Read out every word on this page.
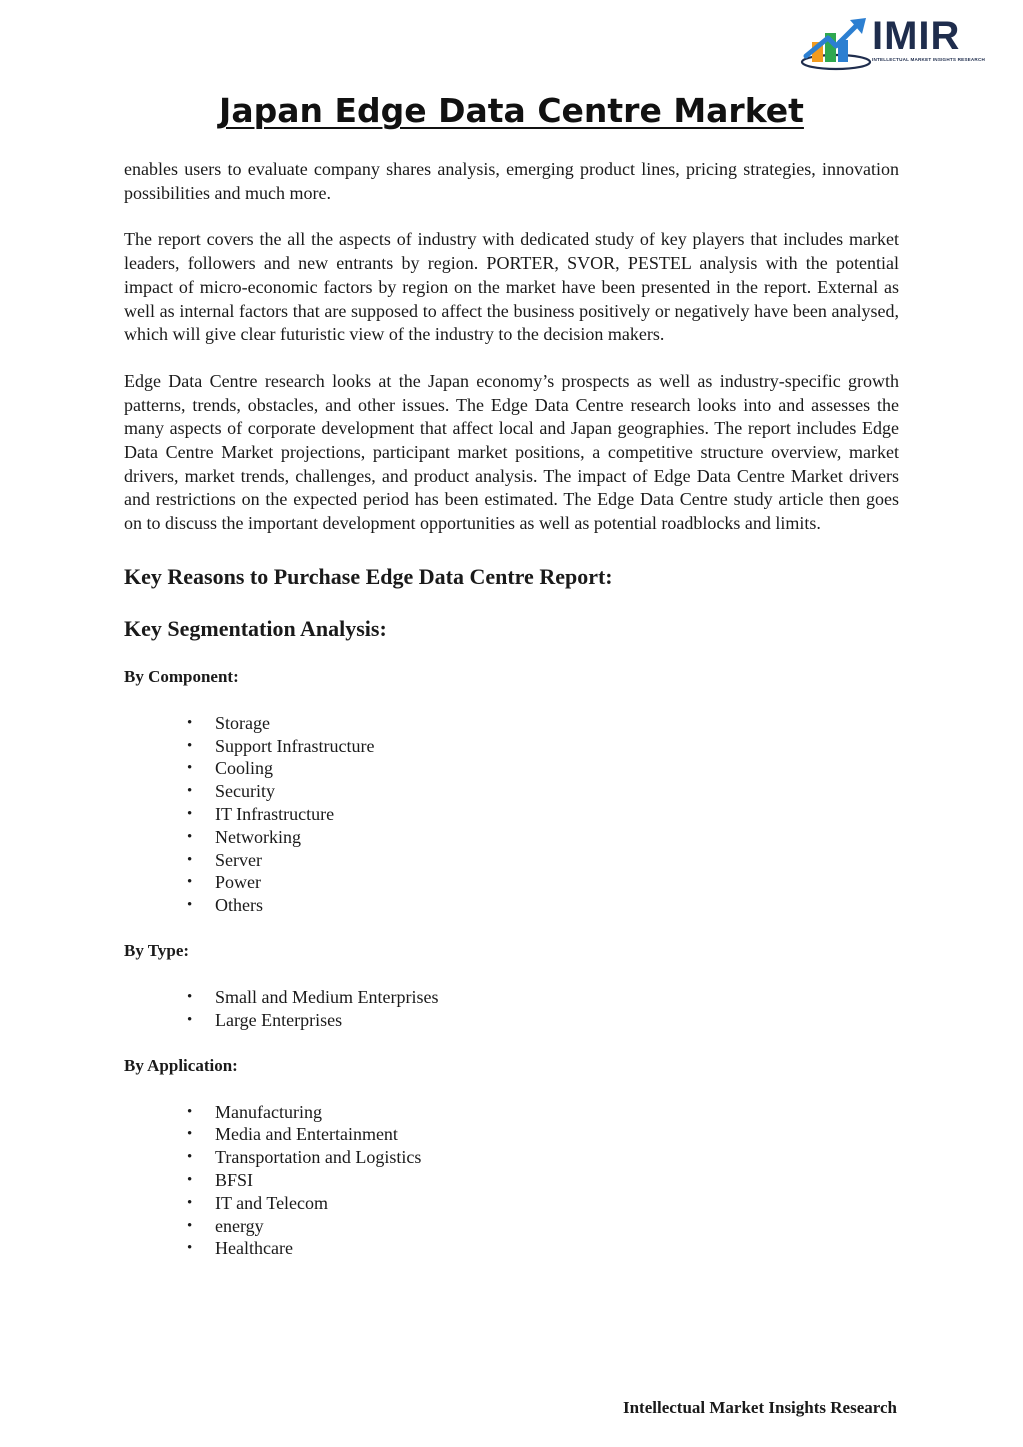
IMIR
INTELLECTUAL MARKET INSIGHTS RESEARCH
Japan Edge Data Centre Market

enables users to evaluate company shares analysis, emerging product lines, pricing strategies, innovation possibilities and much more.

The report covers the all the aspects of industry with dedicated study of key players that includes market leaders, followers and new entrants by region. PORTER, SVOR, PESTEL analysis with the potential impact of micro-economic factors by region on the market have been presented in the report. External as well as internal factors that are supposed to affect the business positively or negatively have been analysed, which will give clear futuristic view of the industry to the decision makers.

Edge Data Centre research looks at the Japan economy’s prospects as well as industry-specific growth patterns, trends, obstacles, and other issues. The Edge Data Centre research looks into and assesses the many aspects of corporate development that affect local and Japan geographies. The report includes Edge Data Centre Market projections, participant market positions, a competitive structure overview, market drivers, market trends, challenges, and product analysis. The impact of Edge Data Centre Market drivers and restrictions on the expected period has been estimated. The Edge Data Centre study article then goes on to discuss the important development opportunities as well as potential roadblocks and limits.

Key Reasons to Purchase Edge Data Centre Report:
Key Segmentation Analysis:
By Component:
• Storage
• Support Infrastructure
• Cooling
• Security
• IT Infrastructure
• Networking
• Server
• Power
• Others
By Type:
• Small and Medium Enterprises
• Large Enterprises
By Application:
• Manufacturing
• Media and Entertainment
• Transportation and Logistics
• BFSI
• IT and Telecom
• energy
• Healthcare
Intellectual Market Insights Research
